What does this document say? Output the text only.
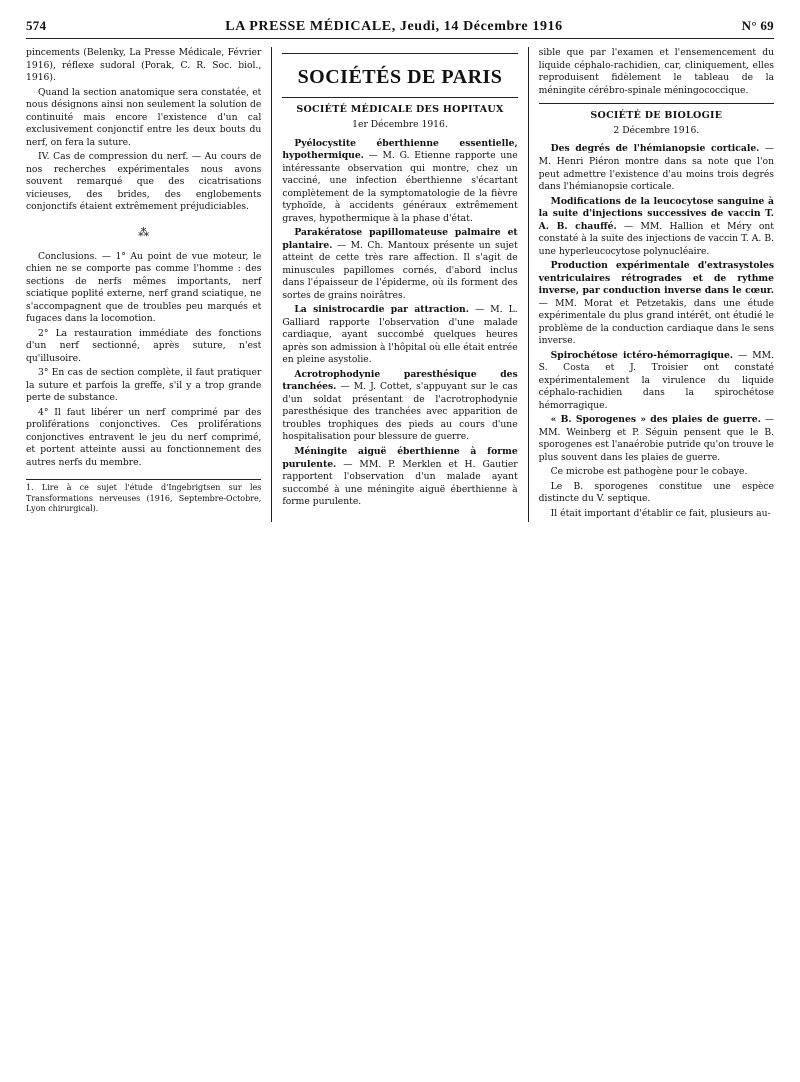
574	LA PRESSE MÉDICALE, Jeudi, 14 Décembre 1916	N° 69

pincements (Belenky, La Presse Médicale, Février 1916), réflexe sudoral (Porak, C. R. Soc. biol., 1916).

Quand la section anatomique sera constatée, et nous désignons ainsi non seulement la solution de continuité mais encore l'existence d'un cal exclusivement conjonctif entre les deux bouts du nerf, on fera la suture.

IV. Cas de compression du nerf. — Au cours de nos recherches expérimentales nous avons souvent remarqué que des cicatrisations vicieuses, des brides, des englobements conjonctifs étaient extrêmement préjudiciables.

⁂

Conclusions. — 1° Au point de vue moteur, le chien ne se comporte pas comme l'homme : des sections de nerfs mêmes importants, nerf sciatique poplité externe, nerf grand sciatique, ne s'accompagnent que de troubles peu marqués et fugaces dans la locomotion.

2° La restauration immédiate des fonctions d'un nerf sectionné, après suture, n'est qu'illusoire.

3° En cas de section complète, il faut pratiquer la suture et parfois la greffe, s'il y a trop grande perte de substance.

4° Il faut libérer un nerf comprimé par des proliférations conjonctives. Ces proliférations conjonctives entravent le jeu du nerf comprimé, et portent atteinte aussi au fonctionnement des autres nerfs du membre.

1. Lire à ce sujet l'étude d'Ingebrigtsen sur les Transformations nerveuses (1916, Septembre-Octobre, Lyon chirurgical).
SOCIÉTÉS DE PARIS
SOCIÉTÉ MÉDICALE DES HOPITAUX
1er Décembre 1916.

Pyélocystite éberthienne essentielle, hypothermique. — M. G. Etienne rapporte une intéressante observation qui montre, chez un vacciné, une infection éberthienne s'écartant complètement de la symptomatologie de la fièvre typhoïde, à accidents généraux extrêmement graves, hypothermique à la phase d'état.

Parakératose papillomateuse palmaire et plantaire. — M. Ch. Mantoux présente un sujet atteint de cette très rare affection. Il s'agit de minuscules papillomes cornés, d'abord inclus dans l'épaisseur de l'épiderme, où ils forment des sortes de grains noirâtres.

La sinistrocardie par attraction. — M. L. Galliard rapporte l'observation d'une malade cardiaque, ayant succombé quelques heures après son admission à l'hôpital où elle était entrée en pleine asystolie.

Acrotrophodynie paresthésique des tranchées. — M. J. Cottet, s'appuyant sur le cas d'un soldat présentant de l'acrotrophodynie paresthésique des tranchées avec apparition de troubles trophiques des pieds au cours d'une hospitalisation pour blessure de guerre.

Méningite aiguë éberthienne à forme purulente. — MM. P. Merklen et H. Gautier rapportent l'observation d'un malade ayant succombé à une méningite aiguë éberthienne à forme purulente.

sible que par l'examen et l'ensemencement du liquide céphalo-rachidien, car, cliniquement, elles reproduisent fidèlement le tableau de la méningite cérébro-spinale méningococcique.

SOCIÉTÉ DE BIOLOGIE
2 Décembre 1916.

Des degrés de l'hémianopsie corticale. — M. Henri Piéron montre dans sa note que l'on peut admettre l'existence d'au moins trois degrés dans l'hémianopsie corticale.

Modifications de la leucocytose sanguine à la suite d'injections successives de vaccin T. A. B. chauffé. — MM. Hallion et Méry ont constaté à la suite des injections de vaccin T. A. B. une hyperleucocytose polynucléaire.

Production expérimentale d'extrasystoles ventriculaires rétrogrades et de rythme inverse, par conduction inverse dans le cœur. — MM. Morat et Petzetakis, dans une étude expérimentale du plus grand intérêt, ont étudié le problème de la conduction cardiaque dans le sens inverse.

Spirochétose ictéro-hémorragique. — MM. S. Costa et J. Troisier ont constaté expérimentalement la virulence du liquide céphalo-rachidien dans la spirochétose hémorragique.

« B. Sporogenes » des plaies de guerre. — MM. Weinberg et P. Séguin pensent que le B. sporogenes est l'anaérobie putride qu'on trouve le plus souvent dans les plaies de guerre.

Ce microbe est pathogène pour le cobaye.

Le B. sporogenes constitue une espèce distincte du V. septique.

Il était important d'établir ce fait, plusieurs au-
